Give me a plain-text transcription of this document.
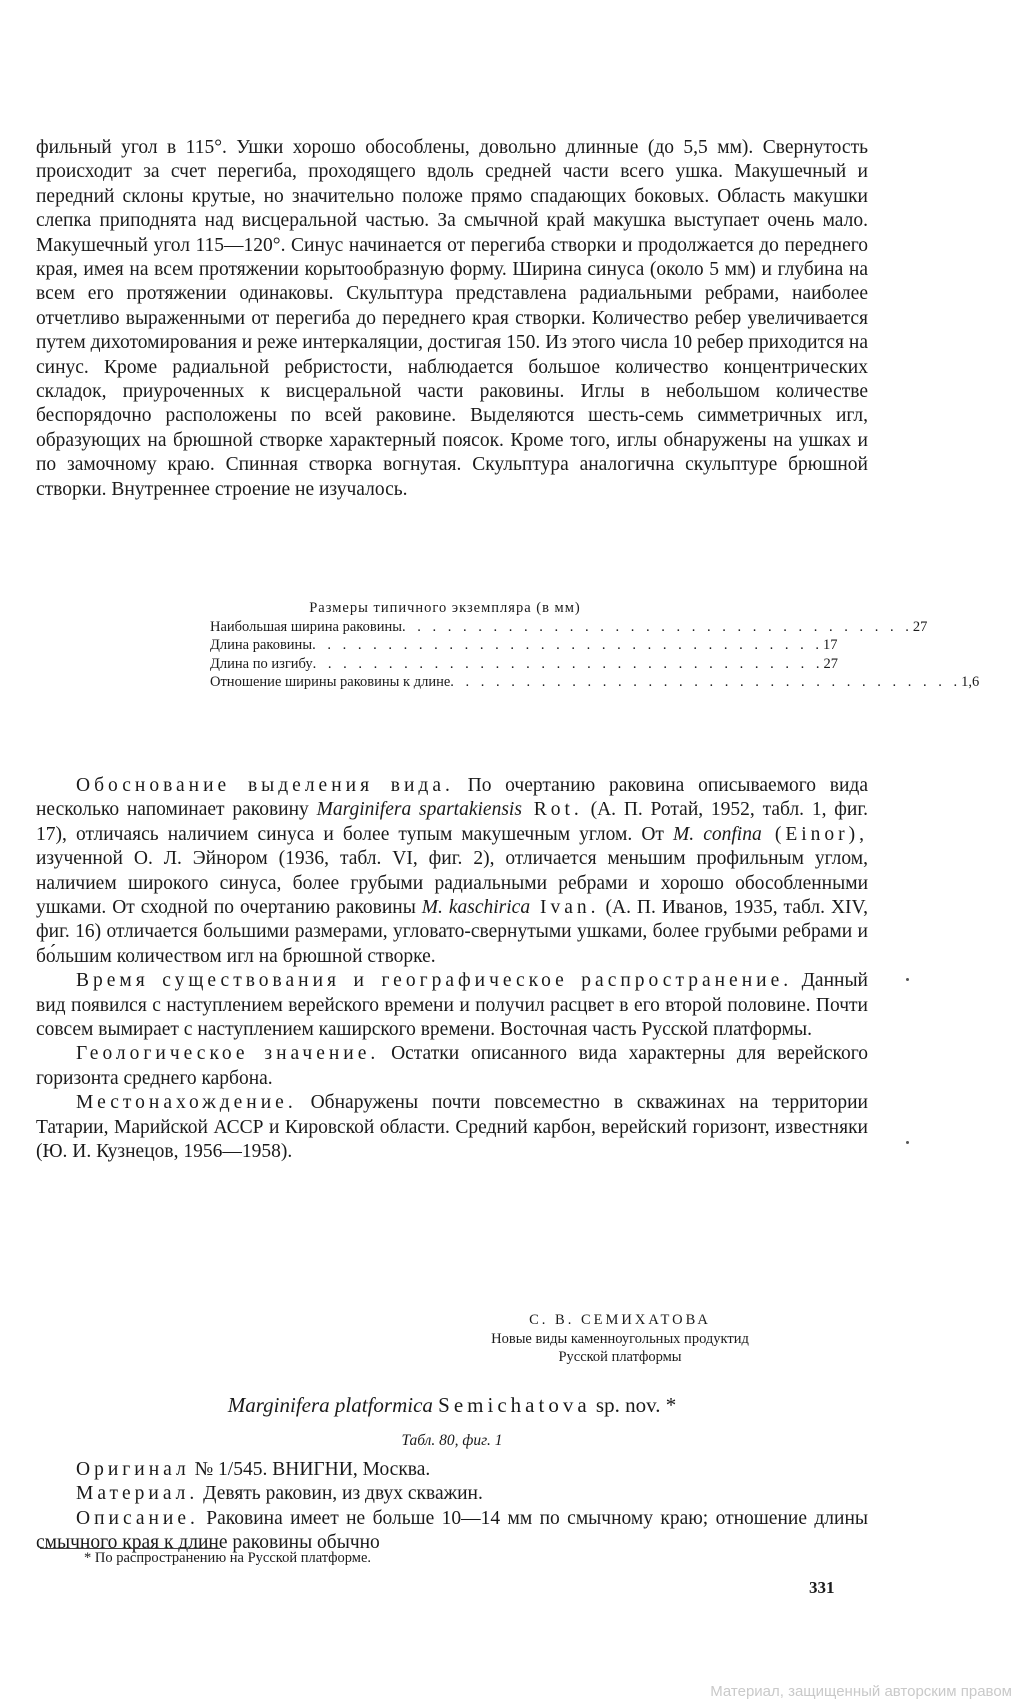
фильный угол в 115°. Ушки хорошо обособлены, довольно длинные (до 5,5 мм). Свернутость происходит за счет перегиба, проходящего вдоль средней части всего ушка. Макушечный и передний склоны крутые, но значительно положе прямо спадающих боковых. Область макушки слепка приподнята над висцеральной частью. За смычной край макушка выступает очень мало. Макушечный угол 115—120°. Синус начинается от перегиба створки и продолжается до переднего края, имея на всем протяжении корытообразную форму. Ширина синуса (около 5 мм) и глубина на всем его протяжении одинаковы. Скульптура представлена радиальными ребрами, наиболее отчетливо выраженными от перегиба до переднего края створки. Количество ребер увеличивается путем дихотомирования и реже интеркаляции, достигая 150. Из этого числа 10 ребер приходится на синус. Кроме радиальной ребристости, наблюдается большое количество концентрических складок, приуроченных к висцеральной части раковины. Иглы в небольшом количестве беспорядочно расположены по всей раковине. Выделяются шесть-семь симметричных игл, образующих на брюшной створке характерный поясок. Кроме того, иглы обнаружены на ушках и по замочному краю. Спинная створка вогнутая. Скульптура аналогична скульптуре брюшной створки. Внутреннее строение не изучалось.

Размеры типичного экземпляра (в мм)
Наибольшая ширина раковины . . . . . . . . . . . . . . . . . . . . . . . . . . . . . . . . . . 27
Длина раковины . . . . . . . . . . . . . . . . . . . . . . . . . . . . . . . . . . 17
Длина по изгибу . . . . . . . . . . . . . . . . . . . . . . . . . . . . . . . . . . 27
Отношение ширины раковины к длине . . . . . . . . . . . . . . . . . . . . . . . . . . . . . . . . . . 1,6

Обоснование выделения вида. По очертанию раковина описываемого вида несколько напоминает раковину Marginifera spartakiensis Rot. (А. П. Ротай, 1952, табл. 1, фиг. 17), отличаясь наличием синуса и более тупым макушечным углом. От M. confina (Einor), изученной О. Л. Эйнором (1936, табл. VI, фиг. 2), отличается меньшим профильным углом, наличием широкого синуса, более грубыми радиальными ребрами и хорошо обособленными ушками. От сходной по очертанию раковины M. kaschirica Ivan. (А. П. Иванов, 1935, табл. XIV, фиг. 16) отличается большими размерами, угловато-свернутыми ушками, более грубыми ребрами и бо́льшим количеством игл на брюшной створке.

Время существования и географическое распространение. Данный вид появился с наступлением верейского времени и получил расцвет в его второй половине. Почти совсем вымирает с наступлением каширского времени. Восточная часть Русской платформы.

Геологическое значение. Остатки описанного вида характерны для верейского горизонта среднего карбона.

Местонахождение. Обнаружены почти повсеместно в скважинах на территории Татарии, Марийской АССР и Кировской области. Средний карбон, верейский горизонт, известняки (Ю. И. Кузнецов, 1956—1958).

С. В. СЕМИХАТОВА
Новые виды каменноугольных продуктид
Русской платформы
Marginifera platformica Semichatova sp. nov. *
Табл. 80, фиг. 1

Оригинал № 1/545. ВНИГНИ, Москва.

Материал. Девять раковин, из двух скважин.

Описание. Раковина имеет не больше 10—14 мм по смычному краю; отношение длины смычного края к длине раковины обычно

* По распространению на Русской платформе.
331
Материал, защищенный авторским правом
